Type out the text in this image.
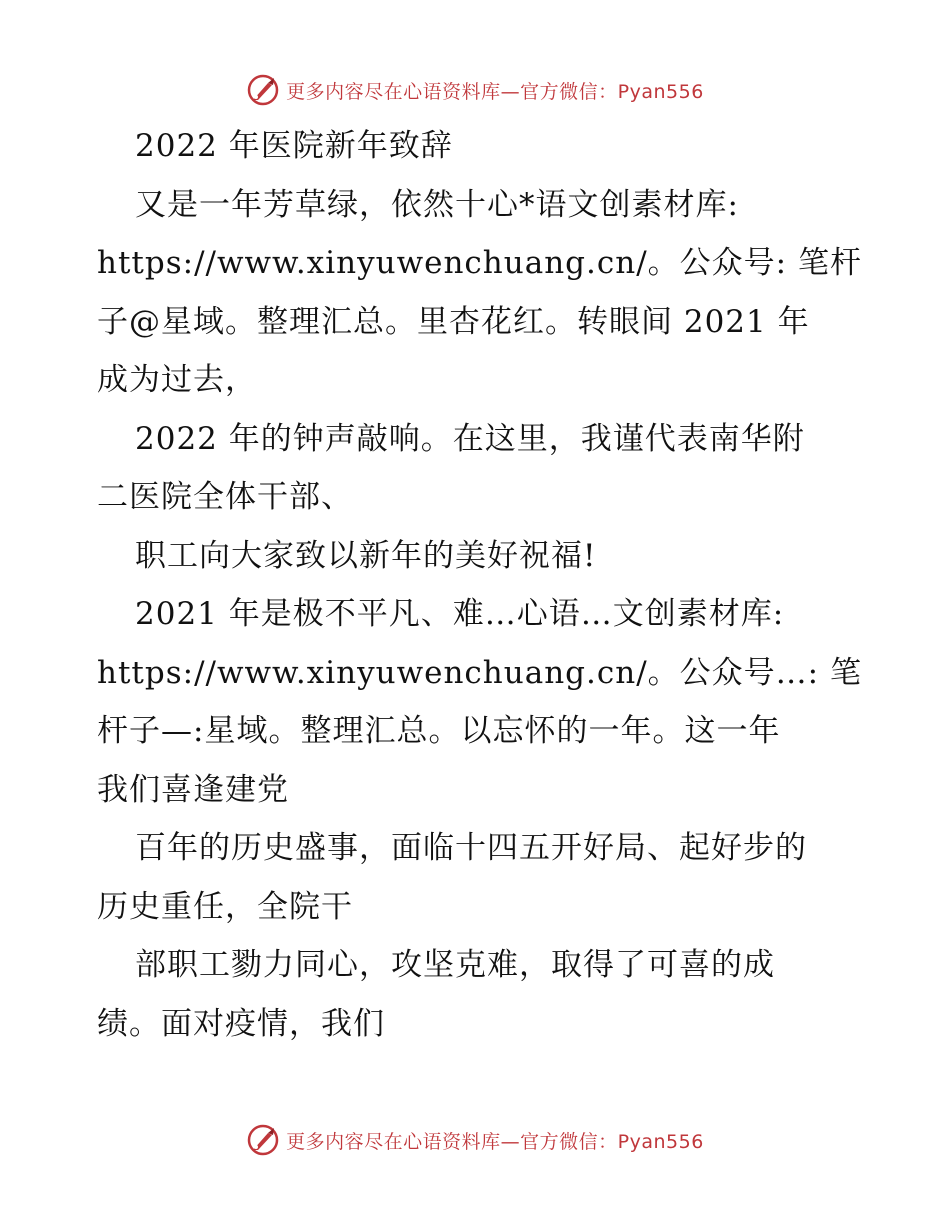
更多内容尽在心语资料库—官方微信：Pyan556
2022 年医院新年致辞
又是一年芳草绿，依然十心*语文创素材库:
https://www.xinyuwenchuang.cn/。公众号: 笔杆
子@星域。整理汇总。里杏花红。转眼间 2021 年
成为过去，
2022 年的钟声敲响。在这里，我谨代表南华附
二医院全体干部、
职工向大家致以新年的美好祝福!
2021 年是极不平凡、难…心语…文创素材库:
https://www.xinyuwenchuang.cn/。公众号…: 笔
杆子—:星域。整理汇总。以忘怀的一年。这一年
我们喜逢建党
百年的历史盛事，面临十四五开好局、起好步的
历史重任，全院干
部职工勠力同心，攻坚克难，取得了可喜的成
绩。面对疫情，我们
更多内容尽在心语资料库—官方微信：Pyan556
